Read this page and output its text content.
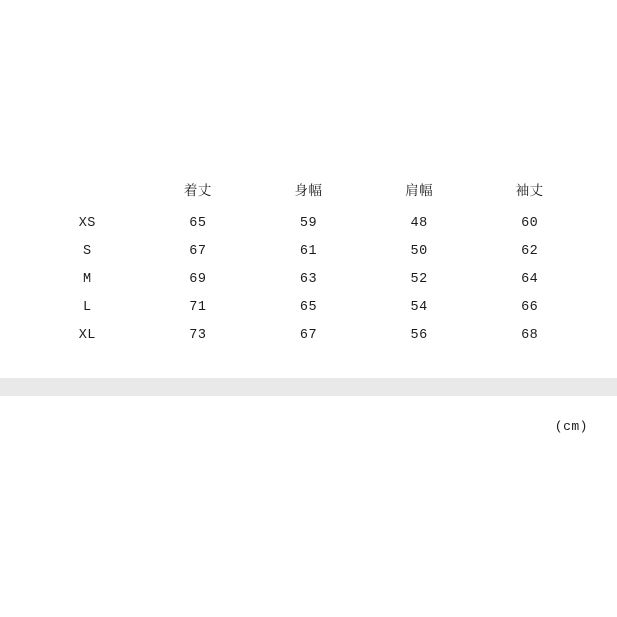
	着丈	身幅	肩幅	袖丈
XS	65	59	48	60
S	67	61	50	62
M	69	63	52	64
L	71	65	54	66
XL	73	67	56	68
(cm)
